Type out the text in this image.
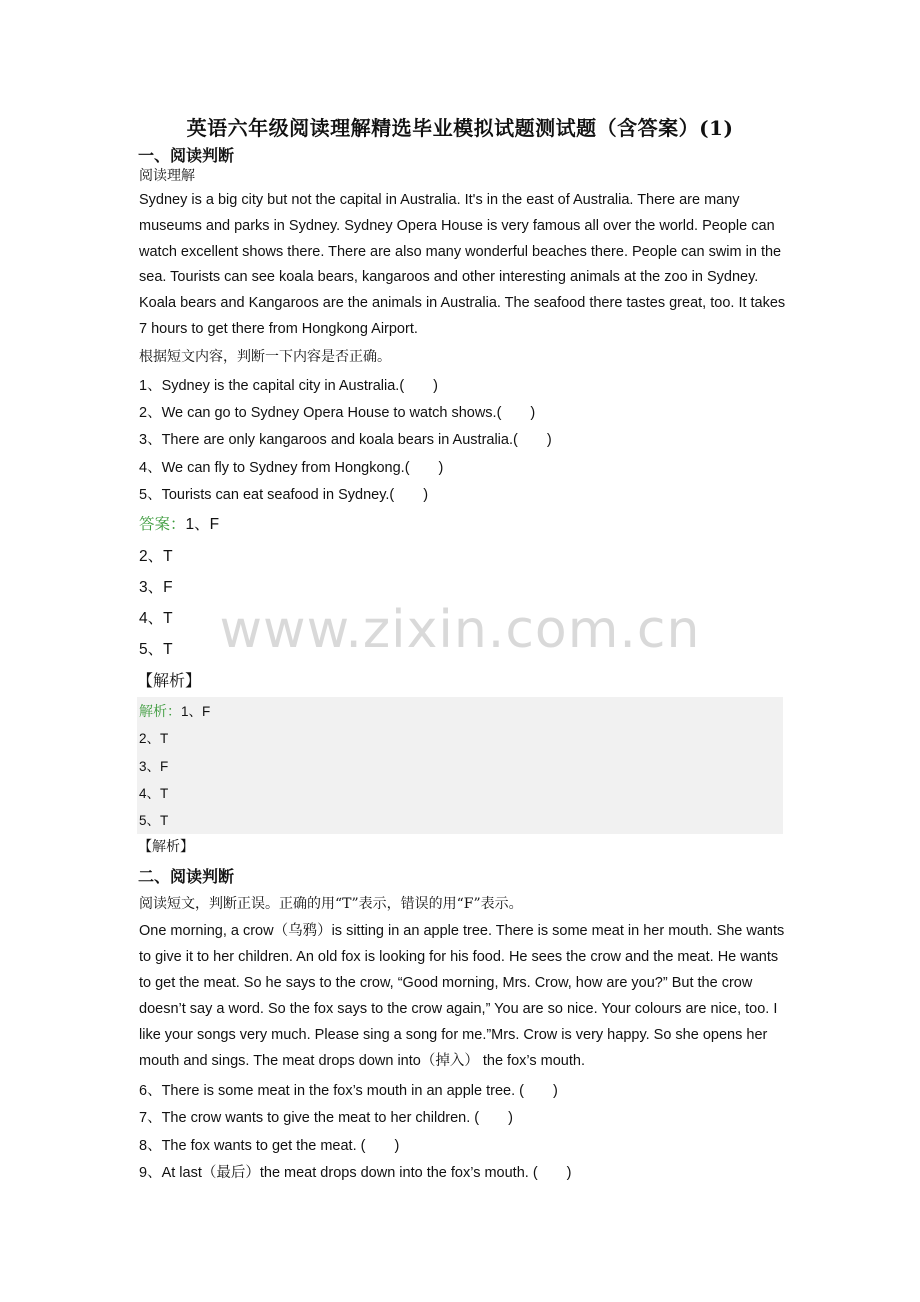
英语六年级阅读理解精选毕业模拟试题测试题（含答案）(1)
www.zixin.com.cn
一、阅读判断
阅读理解

Sydney is a big city but not the capital in Australia. It's in the east of Australia. There are many museums and parks in Sydney. Sydney Opera House is very famous all over the world. People can watch excellent shows there. There are also many wonderful beaches there. People can swim in the sea. Tourists can see koala bears, kangaroos and other interesting animals at the zoo in Sydney. Koala bears and Kangaroos are the animals in Australia. The seafood there tastes great, too. It takes 7 hours to get there from Hongkong Airport.

根据短文内容，判断一下内容是否正确。
1、Sydney is the capital city in Australia.(　　)
2、We can go to Sydney Opera House to watch shows.(　　)
3、There are only kangaroos and koala bears in Australia.(　　)
4、We can fly to Sydney from Hongkong.(　　)
5、Tourists can eat seafood in Sydney.(　　)
答案：1、F
2、T
3、F
4、T
5、T
【解析】
解析：1、F
2、T
3、F
4、T
5、T
【解析】
二、阅读判断
阅读短文，判断正误。正确的用“T”表示，错误的用“F”表示。

One morning, a crow（乌鸦）is sitting in an apple tree. There is some meat in her mouth. She wants to give it to her children. An old fox is looking for his food. He sees the crow and the meat. He wants to get the meat. So he says to the crow, “Good morning, Mrs. Crow, how are you?” But the crow doesn’t say a word. So the fox says to the crow again,” You are so nice. Your colours are nice, too. I like your songs very much. Please sing a song for me.”Mrs. Crow is very happy. So she opens her mouth and sings. The meat drops down into（掉入） the fox’s mouth.

6、There is some meat in the fox’s mouth in an apple tree. (　　)
7、The crow wants to give the meat to her children. (　　)
8、The fox wants to get the meat. (　　)
9、At last（最后）the meat drops down into the fox’s mouth. (　　)
